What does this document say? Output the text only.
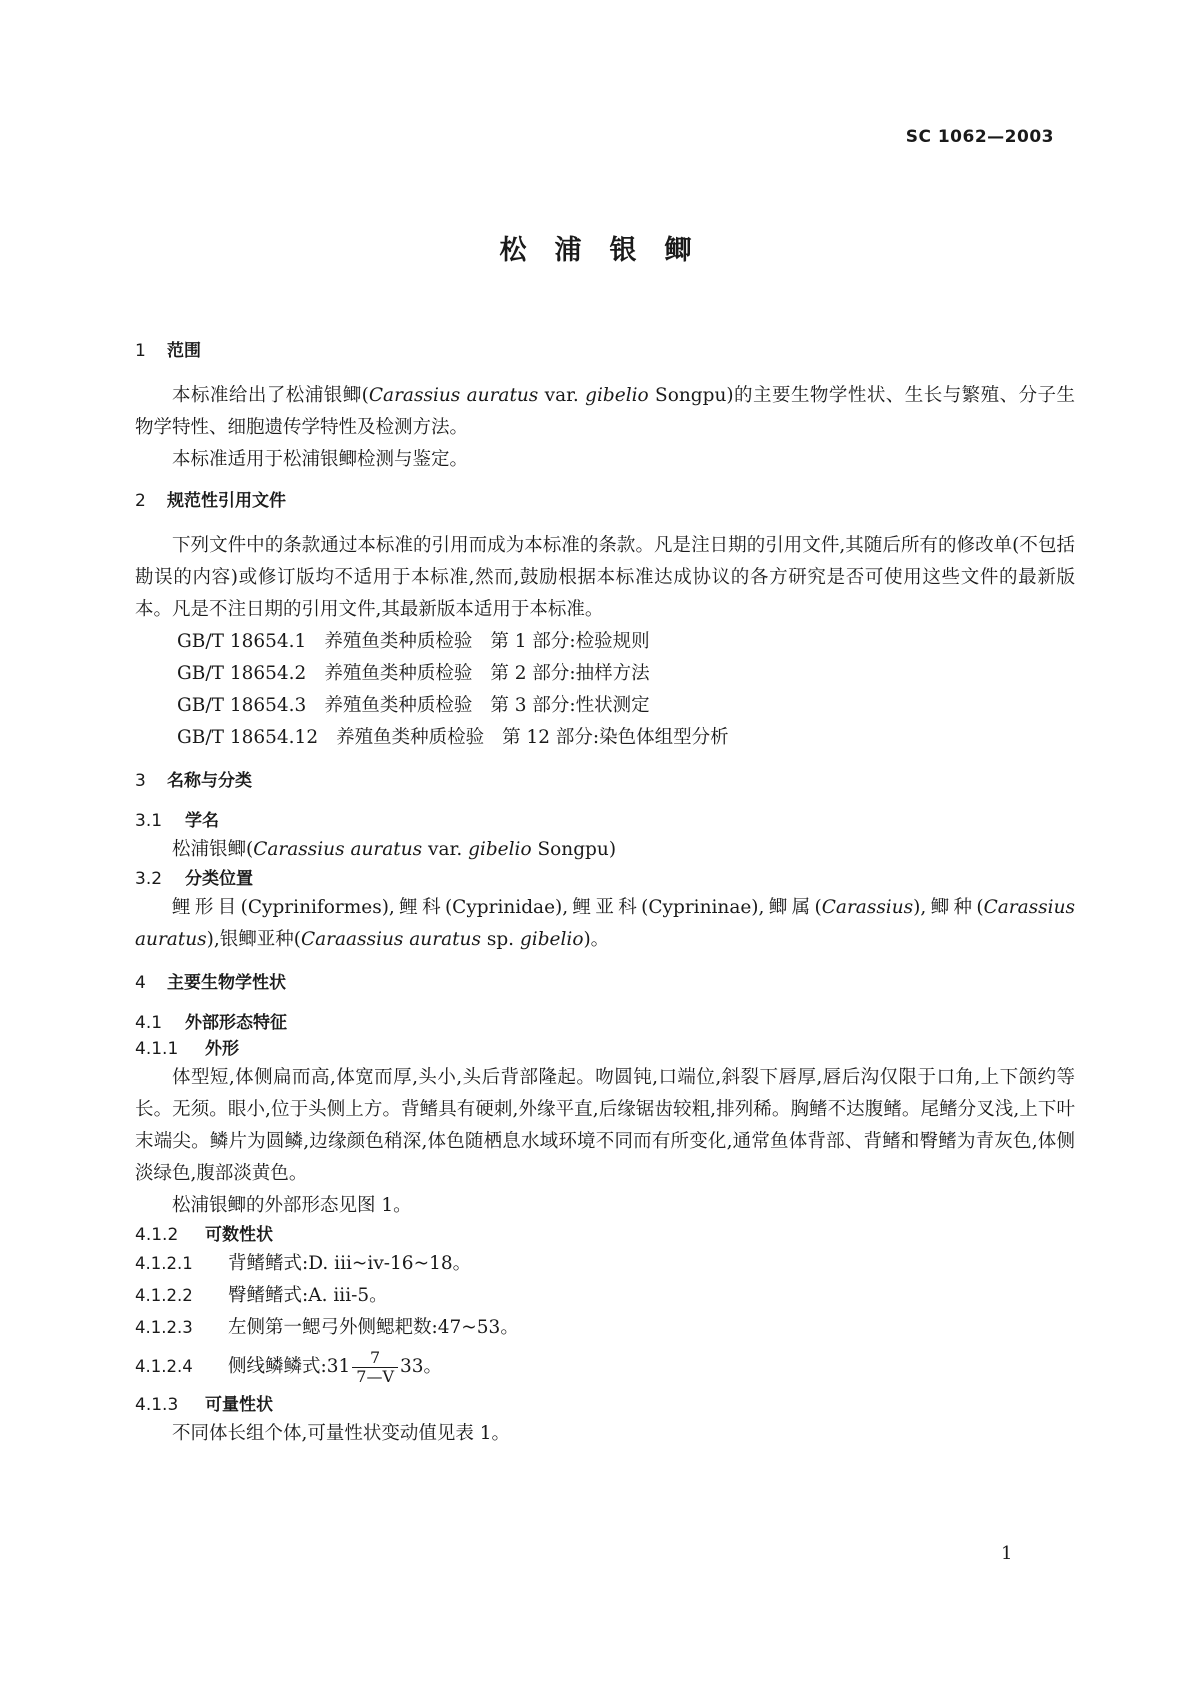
SC 1062—2003
松浦银鲫
1 范围

本标准给出了松浦银鲫(Carassius auratus var. gibelio Songpu)的主要生物学性状、生长与繁殖、分子生物学特性、细胞遗传学特性及检测方法。

本标准适用于松浦银鲫检测与鉴定。

2 规范性引用文件

下列文件中的条款通过本标准的引用而成为本标准的条款。凡是注日期的引用文件,其随后所有的修改单(不包括勘误的内容)或修订版均不适用于本标准,然而,鼓励根据本标准达成协议的各方研究是否可使用这些文件的最新版本。凡是不注日期的引用文件,其最新版本适用于本标准。

GB/T 18654.1 养殖鱼类种质检验 第 1 部分:检验规则
GB/T 18654.2 养殖鱼类种质检验 第 2 部分:抽样方法
GB/T 18654.3 养殖鱼类种质检验 第 3 部分:性状测定
GB/T 18654.12 养殖鱼类种质检验 第 12 部分:染色体组型分析
3 名称与分类
3.1 学名

松浦银鲫(Carassius auratus var. gibelio Songpu)

3.2 分类位置

鲤形目(Cypriniformes),鲤科(Cyprinidae),鲤亚科(Cyprininae),鲫属(Carassius),鲫种(Carassius auratus),银鲫亚种(Caraassius auratus sp. gibelio)。

4 主要生物学性状
4.1 外部形态特征
4.1.1 外形

体型短,体侧扁而高,体宽而厚,头小,头后背部隆起。吻圆钝,口端位,斜裂下唇厚,唇后沟仅限于口角,上下颌约等长。无须。眼小,位于头侧上方。背鳍具有硬刺,外缘平直,后缘锯齿较粗,排列稀。胸鳍不达腹鳍。尾鳍分叉浅,上下叶末端尖。鳞片为圆鳞,边缘颜色稍深,体色随栖息水域环境不同而有所变化,通常鱼体背部、背鳍和臀鳍为青灰色,体侧淡绿色,腹部淡黄色。

松浦银鲫的外部形态见图 1。

4.1.2 可数性状

4.1.2.1 背鳍鳍式:D. iii~iv-16~18。

4.1.2.2 臀鳍鳍式:A. iii-5。

4.1.2.3 左侧第一鳃弓外侧鳃耙数:47~53。

4.1.2.4 侧线鳞鳞式:31 $\frac{7}{7—V} 33$。

4.1.3 可量性状

不同体长组个体,可量性状变动值见表 1。

1
